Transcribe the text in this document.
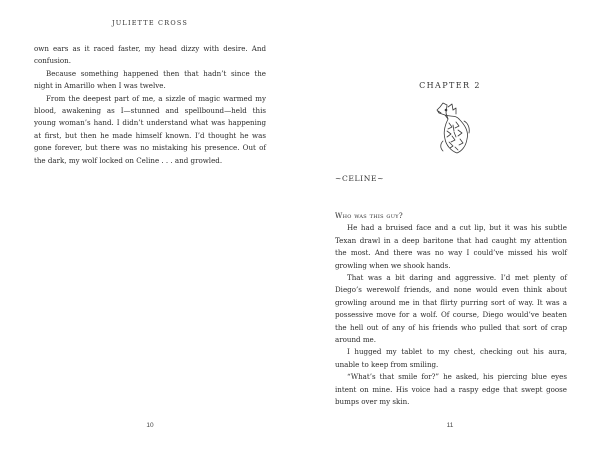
JULIETTE CROSS

own ears as it raced faster, my head dizzy with desire. And confusion.

Because something happened then that hadn’t since the night in Amarillo when I was twelve.

From the deepest part of me, a sizzle of magic warmed my blood, awakening as I—stunned and spellbound—held this young woman’s hand. I didn’t understand what was happening at first, but then he made himself known. I’d thought he was gone forever, but there was no mistaking his presence. Out of the dark, my wolf locked on Celine . . . and growled.

10
CHAPTER 2
~CELINE~

Who was this guy?

He had a bruised face and a cut lip, but it was his subtle Texan drawl in a deep baritone that had caught my attention the most. And there was no way I could’ve missed his wolf growling when we shook hands.

That was a bit daring and aggressive. I’d met plenty of Diego’s werewolf friends, and none would even think about growling around me in that flirty purring sort of way. It was a possessive move for a wolf. Of course, Diego would’ve beaten the hell out of any of his friends who pulled that sort of crap around me.

I hugged my tablet to my chest, checking out his aura, unable to keep from smiling.

“What’s that smile for?” he asked, his piercing blue eyes intent on mine. His voice had a raspy edge that swept goose bumps over my skin.

11
